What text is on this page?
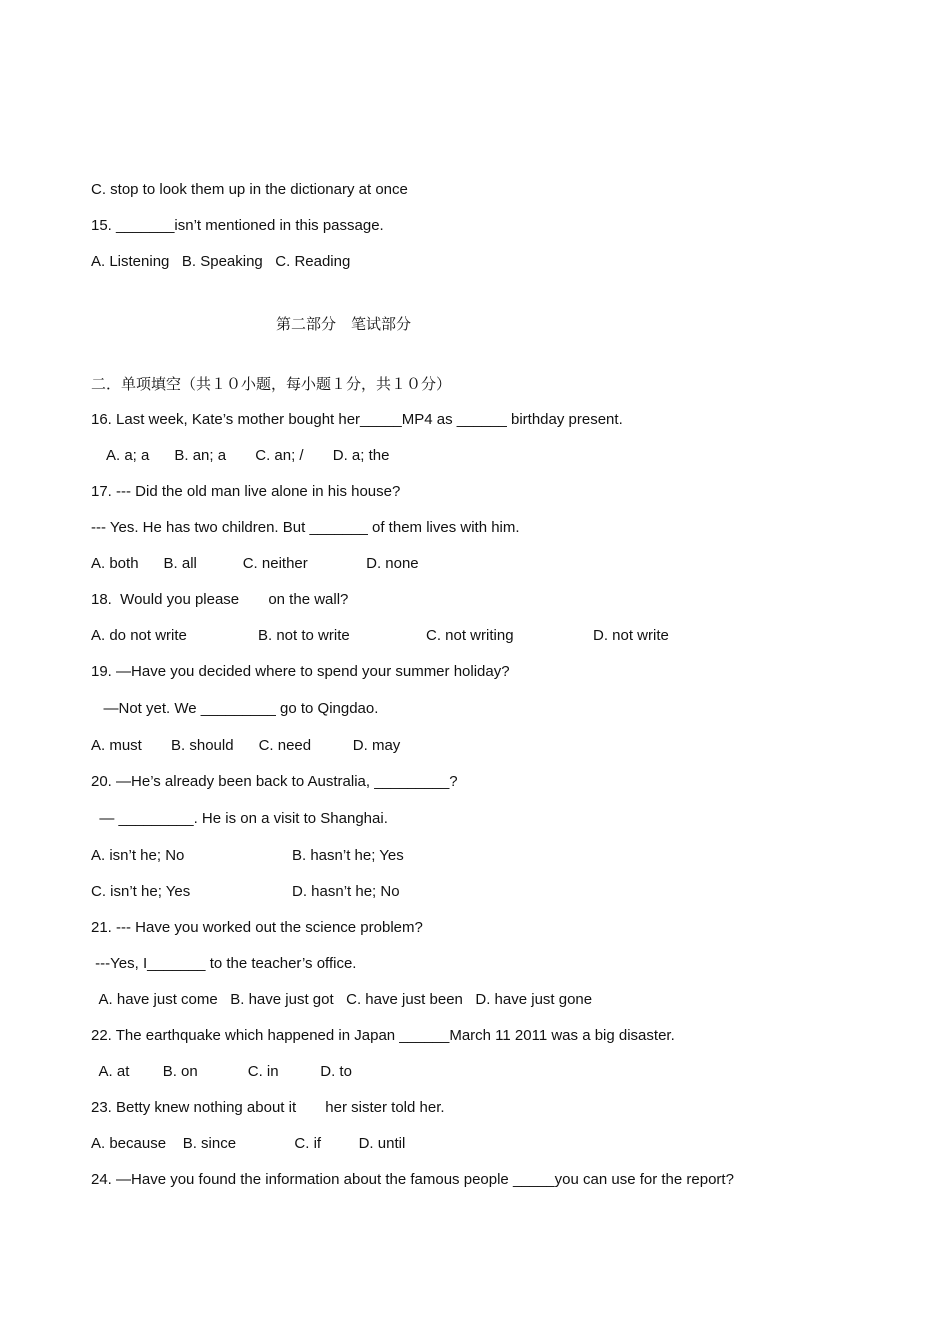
C. stop to look them up in the dictionary at once
15. _______isn’t mentioned in this passage.
A. Listening   B. Speaking   C. Reading
第二部分　笔试部分
二．单项填空（共１０小题，每小题１分，共１０分）
16. Last week, Kate’s mother bought her_____MP4 as ______ birthday present.
A. a; a      B. an; a       C. an; /       D. a; the
17. --- Did the old man live alone in his house?
--- Yes. He has two children. But _______ of them lives with him.
A. both      B. all           C. neither              D. none
18.  Would you please       on the wall?
A. do not write	B. not to write	C. not writing	D. not write
19. —Have you decided where to spend your summer holiday?
—Not yet. We _________ go to Qingdao.
A. must       B. should      C. need          D. may
20. —He’s already been back to Australia, _________?
— _________. He is on a visit to Shanghai.
A. isn’t he; No	B. hasn’t he; Yes
C. isn’t he; Yes	D. hasn’t he; No
21. --- Have you worked out the science problem?
---Yes, I_______ to the teacher’s office.
A. have just come   B. have just got   C. have just been   D. have just gone
22. The earthquake which happened in Japan ______March 11 2011 was a big disaster.
A. at        B. on            C. in          D. to
23. Betty knew nothing about it       her sister told her.
A. because    B. since              C. if         D. until
24. —Have you found the information about the famous people _____you can use for the report?
